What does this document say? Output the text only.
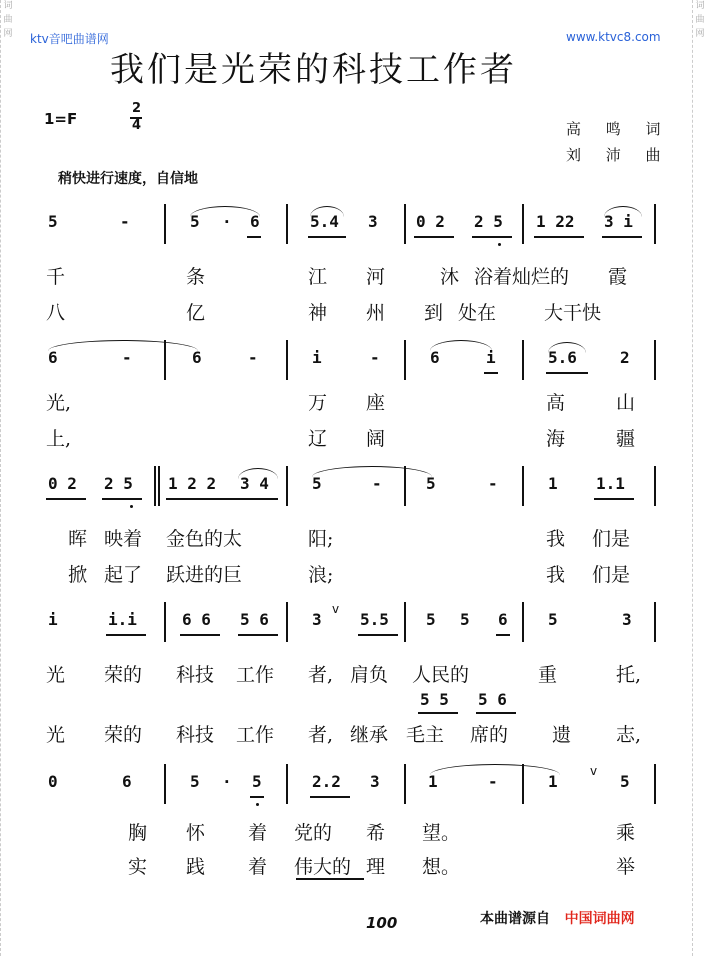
ktv音吧曲谱网	www.ktvc8.com
词
曲
网
词
曲
网
我们是光荣的科技工作者
1=F
2
4	高 鸣 词
刘 沛 曲
稍快进行速度，自信地
5	-	5 · 6	5.4 3 0 2 2 5 1 22 3 i
千	条	江 河	沐 浴着灿烂的 霞
八	亿	神 州 到 处在	大干快
6	-	6	-	i	-	6	i	5.6	2
光,	万 座	高	山
上,	辽 阔	海	疆
0 2 2 5 1 2 2 3 4	5	-	5	-	1 1.1
晖 映着 金色的太	阳;	我 们是
掀 起了 跃进的巨	浪;	我 们是
i	i.i	6 6 5 6	3
v
5.5 5 5 6	5	3
光 荣的 科技 工作 者, 肩负 人民的	重	托,
5 5 5 6
光 荣的 科技 工作 者, 继承 毛主 席的 遗 志,
0	6	5 · 5	2.2 3	1	-	1
v
5
胸 怀 着 党的 希 望。	乘
实 践 着 伟大的 理 想。	举
100	本曲谱源自 中国词曲网
